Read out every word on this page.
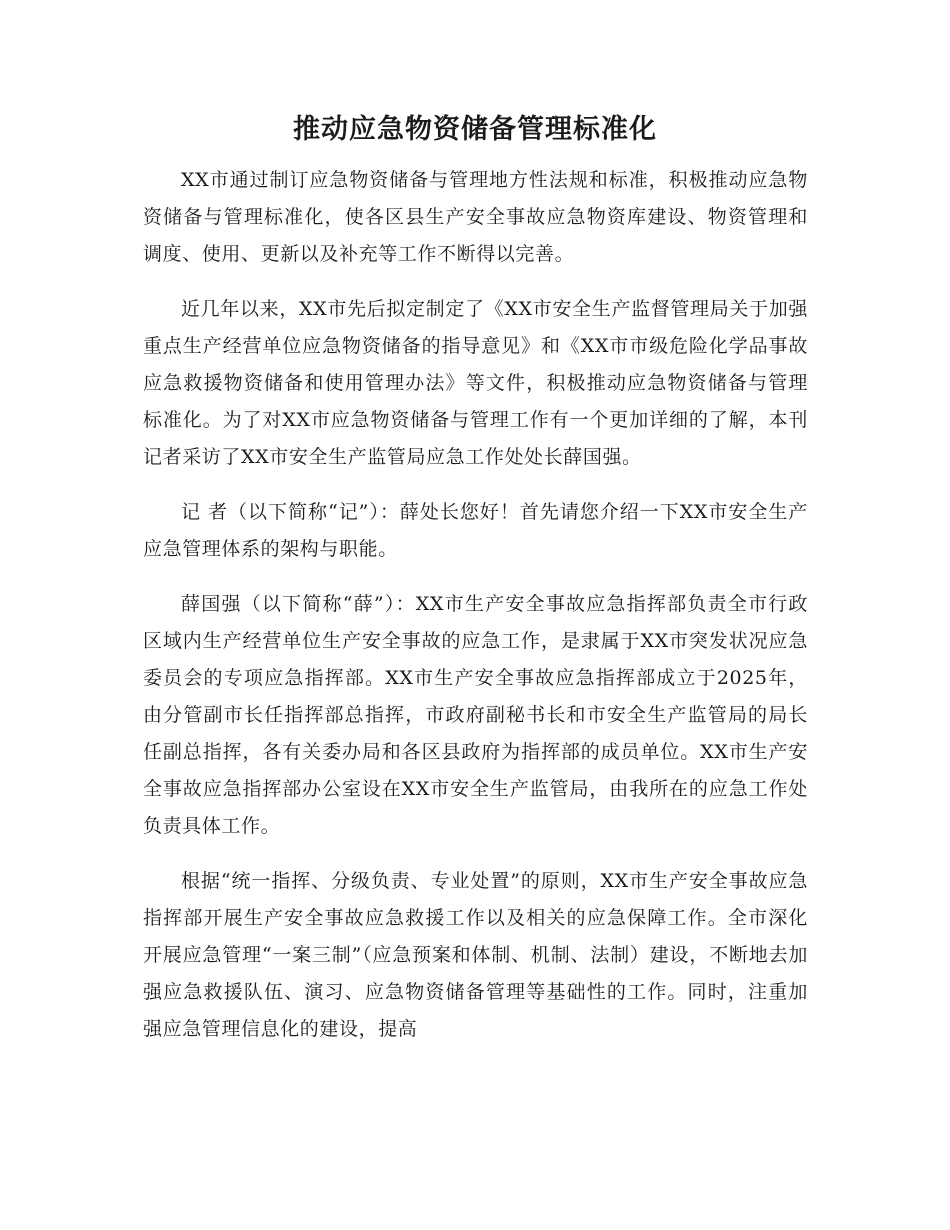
推动应急物资储备管理标准化

XX市通过制订应急物资储备与管理地方性法规和标准，积极推动应急物资储备与管理标准化，使各区县生产安全事故应急物资库建设、物资管理和调度、使用、更新以及补充等工作不断得以完善。

近几年以来，XX市先后拟定制定了《XX市安全生产监督管理局关于加强重点生产经营单位应急物资储备的指导意见》和《XX市市级危险化学品事故应急救援物资储备和使用管理办法》等文件，积极推动应急物资储备与管理标准化。为了对XX市应急物资储备与管理工作有一个更加详细的了解，本刊记者采访了XX市安全生产监管局应急工作处处长薛国强。

记 者（以下简称“记”）：薛处长您好！首先请您介绍一下XX市安全生产应急管理体系的架构与职能。

薛国强（以下简称“薛”）：XX市生产安全事故应急指挥部负责全市行政区域内生产经营单位生产安全事故的应急工作，是隶属于XX市突发状况应急委员会的专项应急指挥部。XX市生产安全事故应急指挥部成立于2025年，由分管副市长任指挥部总指挥，市政府副秘书长和市安全生产监管局的局长任副总指挥，各有关委办局和各区县政府为指挥部的成员单位。XX市生产安全事故应急指挥部办公室设在XX市安全生产监管局，由我所在的应急工作处负责具体工作。

根据“统一指挥、分级负责、专业处置”的原则，XX市生产安全事故应急指挥部开展生产安全事故应急救援工作以及相关的应急保障工作。全市深化开展应急管理“一案三制”（应急预案和体制、机制、法制）建设，不断地去加强应急救援队伍、演习、应急物资储备管理等基础性的工作。同时，注重加强应急管理信息化的建设，提高
